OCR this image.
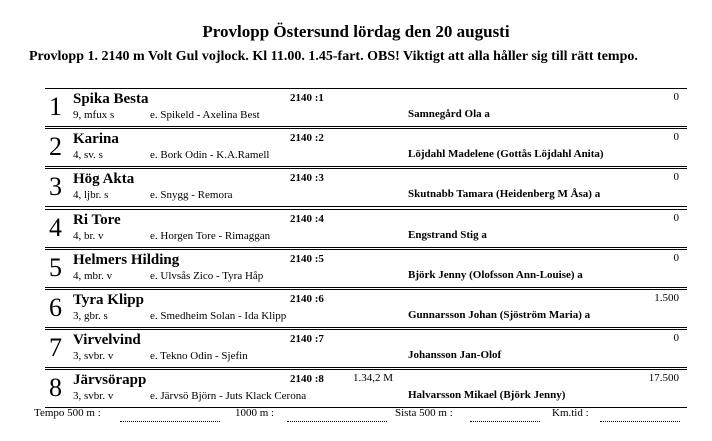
Provlopp Östersund lördag den 20 augusti
Provlopp 1. 2140 m Volt Gul vojlock. Kl 11.00. 1.45-fart. OBS! Viktigt att alla håller sig till rätt tempo.
1 Spika Besta
9, mfux s	e. Spikeld - Axelina Best
2140 :1
Samnegård Ola a
0
2 Karina
4, sv. s	e. Bork Odin - K.A.Ramell
2140 :2
Löjdahl Madelene (Gottås Löjdahl Anita)
0
3 Hög Akta
4, ljbr. s	e. Snygg - Remora
2140 :3
Skutnabb Tamara (Heidenberg M Åsa) a
0
4 Ri Tore
4, br. v	e. Horgen Tore - Rimaggan
2140 :4
Engstrand Stig a
0
5 Helmers Hilding
4, mbr. v	e. Ulvsås Zico - Tyra Håp
2140 :5
Björk Jenny (Olofsson Ann-Louise) a
0
6 Tyra Klipp
3, gbr. s	e. Smedheim Solan - Ida Klipp
2140 :6
Gunnarsson Johan (Sjöström Maria) a
1.500
7 Virvelvind
3, svbr. v	e. Tekno Odin - Sjefin
2140 :7
Johansson Jan-Olof
0
8 Järvsörapp
3, svbr. v	e. Järvsö Björn - Juts Klack Cerona
2140 :8	1.34,2 M
Halvarsson Mikael (Björk Jenny)
17.500
Tempo 500 m :	1000 m :	Sista 500 m :	Km.tid :
